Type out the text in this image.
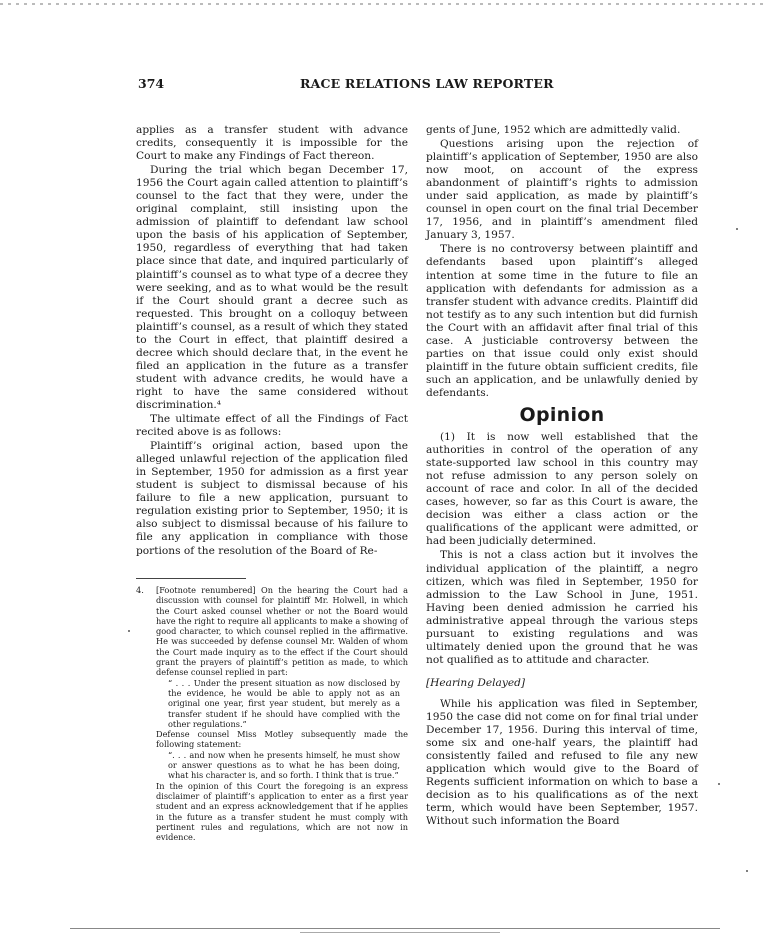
374	RACE RELATIONS LAW REPORTER

applies as a transfer student with advance credits, consequently it is impossible for the Court to make any Findings of Fact thereon.

During the trial which began December 17, 1956 the Court again called attention to plaintiff’s counsel to the fact that they were, under the original complaint, still insisting upon the admission of plaintiff to defendant law school upon the basis of his application of September, 1950, regardless of everything that had taken place since that date, and inquired particularly of plaintiff’s counsel as to what type of a decree they were seeking, and as to what would be the result if the Court should grant a decree such as requested. This brought on a colloquy between plaintiff’s counsel, as a result of which they stated to the Court in effect, that plaintiff desired a decree which should declare that, in the event he filed an application in the future as a transfer student with advance credits, he would have a right to have the same considered without discrimination.⁴

The ultimate effect of all the Findings of Fact recited above is as follows:

Plaintiff’s original action, based upon the alleged unlawful rejection of the application filed in September, 1950 for admission as a first year student is subject to dismissal because of his failure to file a new application, pursuant to regulation existing prior to September, 1950; it is also subject to dismissal because of his failure to file any application in compliance with those portions of the resolution of the Board of Re-

4.	[Footnote renumbered] On the hearing the Court had a discussion with counsel for plaintiff Mr. Holwell, in which the Court asked counsel whether or not the Board would have the right to require all applicants to make a showing of good character, to which counsel replied in the affirmative. He was succeeded by defense counsel Mr. Walden of whom the Court made inquiry as to the effect if the Court should grant the prayers of plaintiff’s petition as made, to which defense counsel replied in part:
“ . . . Under the present situation as now disclosed by the evidence, he would be able to apply not as an original one year, first year student, but merely as a transfer student if he should have complied with the other regulations.”
Defense counsel Miss Motley subsequently made the following statement:
“. . . and now when he presents himself, he must show or answer questions as to what he has been doing, what his character is, and so forth. I think that is true.”
In the opinion of this Court the foregoing is an express disclaimer of plaintiff’s application to enter as a first year student and an express acknowledgement that if he applies in the future as a transfer student he must comply with pertinent rules and regulations, which are not now in evidence.

gents of June, 1952 which are admittedly valid.

Questions arising upon the rejection of plaintiff’s application of September, 1950 are also now moot, on account of the express abandonment of plaintiff’s rights to admission under said application, as made by plaintiff’s counsel in open court on the final trial December 17, 1956, and in plaintiff’s amendment filed January 3, 1957.

There is no controversy between plaintiff and defendants based upon plaintiff’s alleged intention at some time in the future to file an application with defendants for admission as a transfer student with advance credits. Plaintiff did not testify as to any such intention but did furnish the Court with an affidavit after final trial of this case. A justiciable controversy between the parties on that issue could only exist should plaintiff in the future obtain sufficient credits, file such an application, and be unlawfully denied by defendants.

Opinion

(1) It is now well established that the authorities in control of the operation of any state-supported law school in this country may not refuse admission to any person solely on account of race and color. In all of the decided cases, however, so far as this Court is aware, the decision was either a class action or the qualifications of the applicant were admitted, or had been judicially determined.

This is not a class action but it involves the individual application of the plaintiff, a negro citizen, which was filed in September, 1950 for admission to the Law School in June, 1951. Having been denied admission he carried his administrative appeal through the various steps pursuant to existing regulations and was ultimately denied upon the ground that he was not qualified as to attitude and character.

[Hearing Delayed]

While his application was filed in September, 1950 the case did not come on for final trial under December 17, 1956. During this interval of time, some six and one-half years, the plaintiff had consistently failed and refused to file any new application which would give to the Board of Regents sufficient information on which to base a decision as to his qualifications as of the next term, which would have been September, 1957. Without such information the Board
